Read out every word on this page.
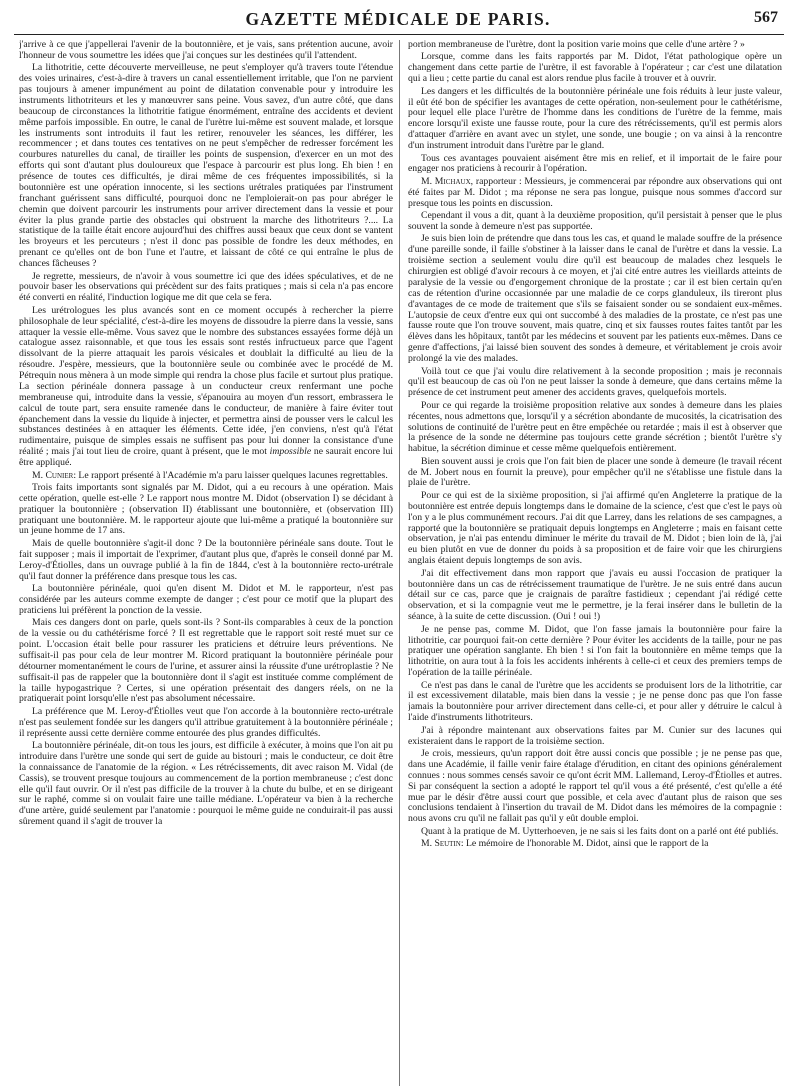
GAZETTE MÉDICALE DE PARIS.	567

j'arrive à ce que j'appellerai l'avenir de la boutonnière, et je vais, sans prétention aucune, avoir l'honneur de vous soumettre les idées que j'ai conçues sur les destinées qu'il l'attendent.

La lithotritie, cette découverte merveilleuse, ne peut s'employer qu'à travers toute l'étendue des voies urinaires, c'est-à-dire à travers un canal essentiellement irritable, que l'on ne parvient pas toujours à amener impunément au point de dilatation convenable pour y introduire les instruments lithotriteurs et les y manœuvrer sans peine. Vous savez, d'un autre côté, que dans beaucoup de circonstances la lithotritie fatigue énormément, entraîne des accidents et devient même parfois impossible. En outre, le canal de l'urètre lui-même est souvent malade, et lorsque les instruments sont introduits il faut les retirer, renouveler les séances, les différer, les recommencer ; et dans toutes ces tentatives on ne peut s'empêcher de redresser forcément les courbures naturelles du canal, de tirailler les points de suspension, d'exercer en un mot des efforts qui sont d'autant plus douloureux que l'espace à parcourir est plus long. Eh bien ! en présence de toutes ces difficultés, je dirai même de ces fréquentes impossibilités, si la boutonnière est une opération innocente, si les sections urétrales pratiquées par l'instrument franchant guérissent sans difficulté, pourquoi donc ne l'emploierait-on pas pour abréger le chemin que doivent parcourir les instruments pour arriver directement dans la vessie et pour éviter la plus grande partie des obstacles qui obstruent la marche des lithotriteurs ?.... La statistique de la taille était encore aujourd'hui des chiffres aussi beaux que ceux dont se vantent les broyeurs et les percuteurs ; n'est il donc pas possible de fondre les deux méthodes, en prenant ce qu'elles ont de bon l'une et l'autre, et laissant de côté ce qui entraîne le plus de chances fâcheuses ?

Je regrette, messieurs, de n'avoir à vous soumettre ici que des idées spéculatives, et de ne pouvoir baser les observations qui précèdent sur des faits pratiques ; mais si cela n'a pas encore été converti en réalité, l'induction logique me dit que cela se fera.

Les urétrologues les plus avancés sont en ce moment occupés à rechercher la pierre philosophale de leur spécialité, c'est-à-dire les moyens de dissoudre la pierre dans la vessie, sans attaquer la vessie elle-même. Vous savez que le nombre des substances essayées forme déjà un catalogue assez raisonnable, et que tous les essais sont restés infructueux parce que l'agent dissolvant de la pierre attaquait les parois vésicales et doublait la difficulté au lieu de la résoudre. J'espère, messieurs, que la boutonnière seule ou combinée avec le procédé de M. Pétrequin nous mènera à un mode simple qui rendra la chose plus facile et surtout plus pratique. La section périnéale donnera passage à un conducteur creux renfermant une poche membraneuse qui, introduite dans la vessie, s'épanouira au moyen d'un ressort, embrassera le calcul de toute part, sera ensuite ramenée dans le conducteur, de manière à faire éviter tout épanchement dans la vessie du liquide à injecter, et permettra ainsi de pousser vers le calcul les substances destinées à en attaquer les éléments. Cette idée, j'en conviens, n'est qu'à l'état rudimentaire, puisque de simples essais ne suffisent pas pour lui donner la consistance d'une réalité ; mais j'ai tout lieu de croire, quant à présent, que le mot impossible ne saurait encore lui être appliqué.

M. Cunier: Le rapport présenté à l'Académie m'a paru laisser quelques lacunes regrettables.

Trois faits importants sont signalés par M. Didot, qui a eu recours à une opération. Mais cette opération, quelle est-elle ? Le rapport nous montre M. Didot (observation I) se décidant à pratiquer la boutonnière ; (observation II) établissant une boutonnière, et (observation III) pratiquant une boutonnière. M. le rapporteur ajoute que lui-même a pratiqué la boutonnière sur un jeune homme de 17 ans.

Mais de quelle boutonnière s'agit-il donc ? De la boutonnière périnéale sans doute. Tout le fait supposer ; mais il importait de l'exprimer, d'autant plus que, d'après le conseil donné par M. Leroy-d'Étiolles, dans un ouvrage publié à la fin de 1844, c'est à la boutonnière recto-urétrale qu'il faut donner la préférence dans presque tous les cas.

La boutonnière périnéale, quoi qu'en disent M. Didot et M. le rapporteur, n'est pas considérée par les auteurs comme exempte de danger ; c'est pour ce motif que la plupart des praticiens lui préfèrent la ponction de la vessie.

Mais ces dangers dont on parle, quels sont-ils ? Sont-ils comparables à ceux de la ponction de la vessie ou du cathétérisme forcé ? Il est regrettable que le rapport soit resté muet sur ce point. L'occasion était belle pour rassurer les praticiens et détruire leurs préventions. Ne suffisait-il pas pour cela de leur montrer M. Ricord pratiquant la boutonnière périnéale pour détourner momentanément le cours de l'urine, et assurer ainsi la réussite d'une urétroplastie ? Ne suffisait-il pas de rappeler que la boutonnière dont il s'agit est instituée comme complément de la taille hypogastrique ? Certes, si une opération présentait des dangers réels, on ne la pratiquerait point lorsqu'elle n'est pas absolument nécessaire.

La préférence que M. Leroy-d'Étiolles veut que l'on accorde à la boutonnière recto-urétrale n'est pas seulement fondée sur les dangers qu'il attribue gratuitement à la boutonnière périnéale ; il représente aussi cette dernière comme entourée des plus grandes difficultés.

La boutonnière périnéale, dit-on tous les jours, est difficile à exécuter, à moins que l'on ait pu introduire dans l'urètre une sonde qui sert de guide au bistouri ; mais le conducteur, ce doit être la connaissance de l'anatomie de la région. « Les rétrécissements, dit avec raison M. Vidal (de Cassis), se trouvent presque toujours au commencement de la portion membraneuse ; c'est donc elle qu'il faut ouvrir. Or il n'est pas difficile de la trouver à la chute du bulbe, et en se dirigeant sur le raphé, comme si on voulait faire une taille médiane. L'opérateur va bien à la recherche d'une artère, guidé seulement par l'anatomie : pourquoi le même guide ne conduirait-il pas aussi sûrement quand il s'agit de trouver la

portion membraneuse de l'urètre, dont la position varie moins que celle d'une artère ? »

Lorsque, comme dans les faits rapportés par M. Didot, l'état pathologique opère un changement dans cette partie de l'urètre, il est favorable à l'opérateur ; car c'est une dilatation qui a lieu ; cette partie du canal est alors rendue plus facile à trouver et à ouvrir.

Les dangers et les difficultés de la boutonnière périnéale une fois réduits à leur juste valeur, il eût été bon de spécifier les avantages de cette opération, non-seulement pour le cathétérisme, pour lequel elle place l'urètre de l'homme dans les conditions de l'urètre de la femme, mais encore lorsqu'il existe une fausse route, pour la cure des rétrécissements, qu'il est permis alors d'attaquer d'arrière en avant avec un stylet, une sonde, une bougie ; on va ainsi à la rencontre d'un instrument introduit dans l'urètre par le gland.

Tous ces avantages pouvaient aisément être mis en relief, et il importait de le faire pour engager nos praticiens à recourir à l'opération.

M. Michaux, rapporteur : Messieurs, je commencerai par répondre aux observations qui ont été faites par M. Didot ; ma réponse ne sera pas longue, puisque nous sommes d'accord sur presque tous les points en discussion.

Cependant il vous a dit, quant à la deuxième proposition, qu'il persistait à penser que le plus souvent la sonde à demeure n'est pas supportée.

Je suis bien loin de prétendre que dans tous les cas, et quand le malade souffre de la présence d'une pareille sonde, il faille s'obstiner à la laisser dans le canal de l'urètre et dans la vessie. La troisième section a seulement voulu dire qu'il est beaucoup de malades chez lesquels le chirurgien est obligé d'avoir recours à ce moyen, et j'ai cité entre autres les vieillards atteints de paralysie de la vessie ou d'engorgement chronique de la prostate ; car il est bien certain qu'en cas de rétention d'urine occasionnée par une maladie de ce corps glanduleux, ils tireront plus d'avantages de ce mode de traitement que s'ils se faisaient sonder ou se sondaient eux-mêmes. L'autopsie de ceux d'entre eux qui ont succombé à des maladies de la prostate, ce n'est pas une fausse route que l'on trouve souvent, mais quatre, cinq et six fausses routes faites tantôt par les élèves dans les hôpitaux, tantôt par les médecins et souvent par les patients eux-mêmes. Dans ce genre d'affections, j'ai laissé bien souvent des sondes à demeure, et véritablement je crois avoir prolongé la vie des malades.

Voilà tout ce que j'ai voulu dire relativement à la seconde proposition ; mais je reconnais qu'il est beaucoup de cas où l'on ne peut laisser la sonde à demeure, que dans certains même la présence de cet instrument peut amener des accidents graves, quelquefois mortels.

Pour ce qui regarde la troisième proposition relative aux sondes à demeure dans les plaies récentes, nous admettons que, lorsqu'il y a sécrétion abondante de mucosités, la cicatrisation des solutions de continuité de l'urètre peut en être empêchée ou retardée ; mais il est à observer que la présence de la sonde ne détermine pas toujours cette grande sécrétion ; bientôt l'urètre s'y habitue, la sécrétion diminue et cesse même quelquefois entièrement.

Bien souvent aussi je crois que l'on fait bien de placer une sonde à demeure (le travail récent de M. Jobert nous en fournit la preuve), pour empêcher qu'il ne s'établisse une fistule dans la plaie de l'urètre.

Pour ce qui est de la sixième proposition, si j'ai affirmé qu'en Angleterre la pratique de la boutonnière est entrée depuis longtemps dans le domaine de la science, c'est que c'est le pays où l'on y a le plus communément recours. J'ai dit que Larrey, dans les relations de ses campagnes, a rapporté que la boutonnière se pratiquait depuis longtemps en Angleterre ; mais en faisant cette observation, je n'ai pas entendu diminuer le mérite du travail de M. Didot ; bien loin de là, j'ai eu bien plutôt en vue de donner du poids à sa proposition et de faire voir que les chirurgiens anglais étaient depuis longtemps de son avis.

J'ai dit effectivement dans mon rapport que j'avais eu aussi l'occasion de pratiquer la boutonnière dans un cas de rétrécissement traumatique de l'urètre. Je ne suis entré dans aucun détail sur ce cas, parce que je craignais de paraître fastidieux ; cependant j'ai rédigé cette observation, et si la compagnie veut me le permettre, je la ferai insérer dans le bulletin de la séance, à la suite de cette discussion. (Oui ! oui !)

Je ne pense pas, comme M. Didot, que l'on fasse jamais la boutonnière pour faire la lithotritie, car pourquoi fait-on cette dernière ? Pour éviter les accidents de la taille, pour ne pas pratiquer une opération sanglante. Eh bien ! si l'on fait la boutonnière en même temps que la lithotritie, on aura tout à la fois les accidents inhérents à celle-ci et ceux des premiers temps de l'opération de la taille périnéale.

Ce n'est pas dans le canal de l'urètre que les accidents se produisent lors de la lithotritie, car il est excessivement dilatable, mais bien dans la vessie ; je ne pense donc pas que l'on fasse jamais la boutonnière pour arriver directement dans celle-ci, et pour aller y détruire le calcul à l'aide d'instruments lithotriteurs.

J'ai à répondre maintenant aux observations faites par M. Cunier sur des lacunes qui existeraient dans le rapport de la troisième section.

Je crois, messieurs, qu'un rapport doit être aussi concis que possible ; je ne pense pas que, dans une Académie, il faille venir faire étalage d'érudition, en citant des opinions généralement connues : nous sommes censés savoir ce qu'ont écrit MM. Lallemand, Leroy-d'Étiolles et autres. Si par conséquent la section a adopté le rapport tel qu'il vous a été présenté, c'est qu'elle a été mue par le désir d'être aussi court que possible, et cela avec d'autant plus de raison que ses conclusions tendaient à l'insertion du travail de M. Didot dans les mémoires de la compagnie : nous avons cru qu'il ne fallait pas qu'il y eût double emploi.

Quant à la pratique de M. Uytterhoeven, je ne sais si les faits dont on a parlé ont été publiés.

M. Seutin: Le mémoire de l'honorable M. Didot, ainsi que le rapport de la
